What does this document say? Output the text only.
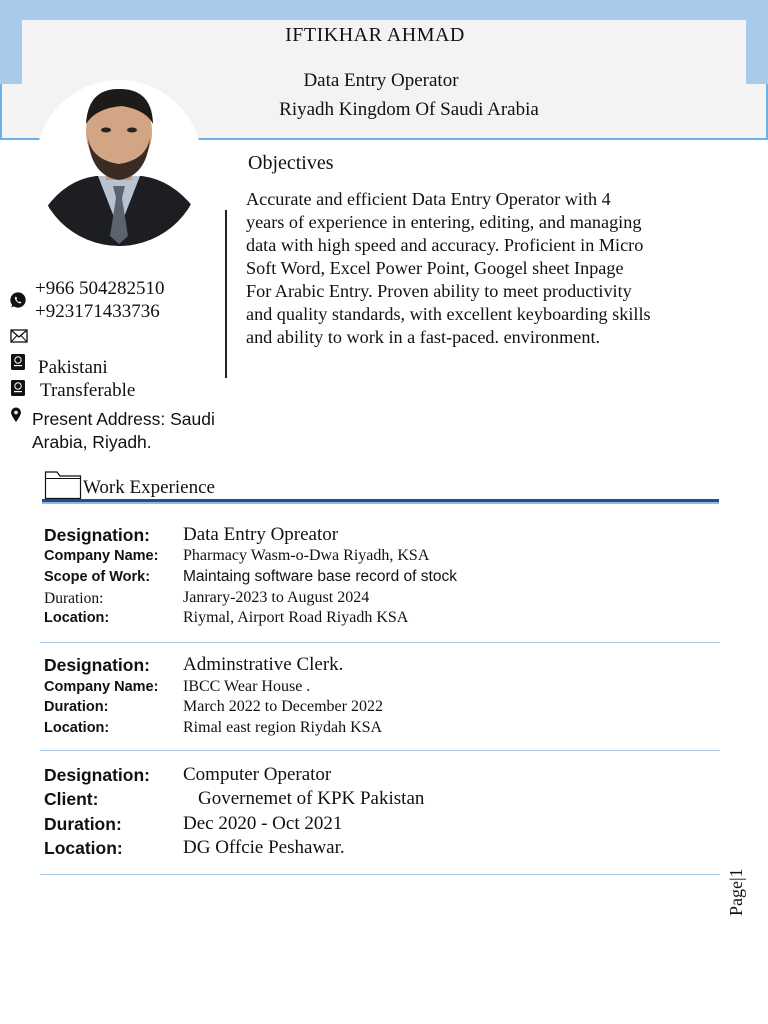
IFTIKHAR AHMAD
Data Entry Operator
Riyadh Kingdom Of Saudi Arabia
Objectives
Accurate and efficient Data Entry Operator with 4
years of experience in entering, editing, and managing
data with high speed and accuracy. Proficient in Micro
Soft Word, Excel Power Point, Googel sheet Inpage
For Arabic Entry. Proven ability to meet productivity
and quality standards, with excellent keyboarding skills
and ability to work in a fast-paced. environment.
+966 504282510
+923171433736
Pakistani
Transferable
Present Address: Saudi
Arabia, Riyadh.
Work Experience
Designation: Data Entry Opreator
Company Name: Pharmacy Wasm-o-Dwa Riyadh, KSA
Scope of Work: Maintaing software base record of stock
Duration:	Janrary-2023 to August 2024
Location:	Riymal, Airport Road Riyadh KSA
Designation: Adminstrative Clerk.
Company Name: IBCC Wear House .
Duration:	March 2022 to December 2022
Location:	Rimal east region Riydah KSA
Designation: Computer Operator
Client:	Governemet of KPK Pakistan
Duration:	Dec 2020 - Oct 2021
Location:	DG Offcie Peshawar.
Page|1
